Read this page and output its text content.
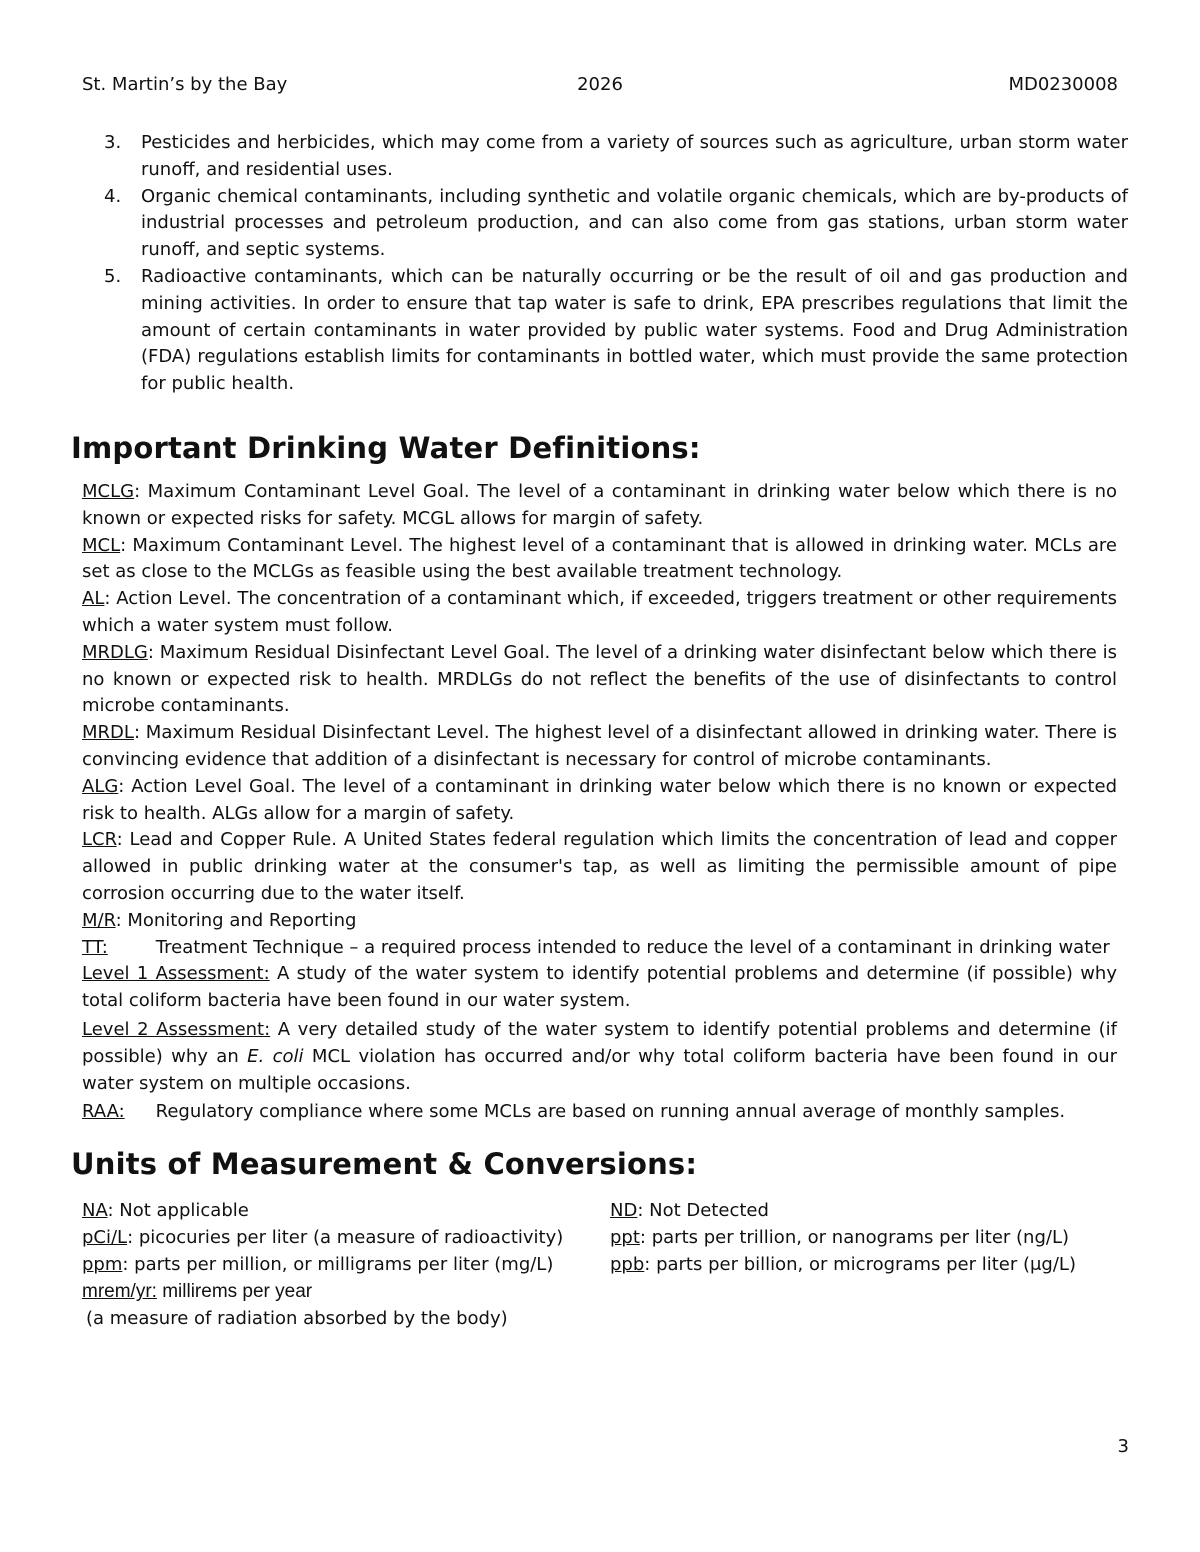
St. Martin’s by the Bay	2026	MD0230008
3. Pesticides and herbicides, which may come from a variety of sources such as agriculture, urban storm water runoff, and residential uses.
4. Organic chemical contaminants, including synthetic and volatile organic chemicals, which are by-products of industrial processes and petroleum production, and can also come from gas stations, urban storm water runoff, and septic systems.
5. Radioactive contaminants, which can be naturally occurring or be the result of oil and gas production and mining activities. In order to ensure that tap water is safe to drink, EPA prescribes regulations that limit the amount of certain contaminants in water provided by public water systems. Food and Drug Administration (FDA) regulations establish limits for contaminants in bottled water, which must provide the same protection for public health.
Important Drinking Water Definitions:
MCLG: Maximum Contaminant Level Goal. The level of a contaminant in drinking water below which there is no known or expected risks for safety. MCGL allows for margin of safety.
MCL: Maximum Contaminant Level. The highest level of a contaminant that is allowed in drinking water. MCLs are set as close to the MCLGs as feasible using the best available treatment technology.
AL: Action Level. The concentration of a contaminant which, if exceeded, triggers treatment or other requirements which a water system must follow.
MRDLG: Maximum Residual Disinfectant Level Goal. The level of a drinking water disinfectant below which there is no known or expected risk to health. MRDLGs do not reflect the benefits of the use of disinfectants to control microbe contaminants.
MRDL: Maximum Residual Disinfectant Level. The highest level of a disinfectant allowed in drinking water. There is convincing evidence that addition of a disinfectant is necessary for control of microbe contaminants.
ALG: Action Level Goal. The level of a contaminant in drinking water below which there is no known or expected risk to health. ALGs allow for a margin of safety.
LCR: Lead and Copper Rule. A United States federal regulation which limits the concentration of lead and copper allowed in public drinking water at the consumer's tap, as well as limiting the permissible amount of pipe corrosion occurring due to the water itself.
M/R: Monitoring and Reporting
TT:	Treatment Technique – a required process intended to reduce the level of a contaminant in drinking water
Level 1 Assessment: A study of the water system to identify potential problems and determine (if possible) why total coliform bacteria have been found in our water system.
Level 2 Assessment: A very detailed study of the water system to identify potential problems and determine (if possible) why an E. coli MCL violation has occurred and/or why total coliform bacteria have been found in our water system on multiple occasions.
RAA: Regulatory compliance where some MCLs are based on running annual average of monthly samples.
Units of Measurement & Conversions:
NA: Not applicable
pCi/L: picocuries per liter (a measure of radioactivity)
ppm: parts per million, or milligrams per liter (mg/L)
mrem/yr: millirems per year
(a measure of radiation absorbed by the body)
ND: Not Detected
ppt: parts per trillion, or nanograms per liter (ng/L)
ppb: parts per billion, or micrograms per liter (μg/L)
3
